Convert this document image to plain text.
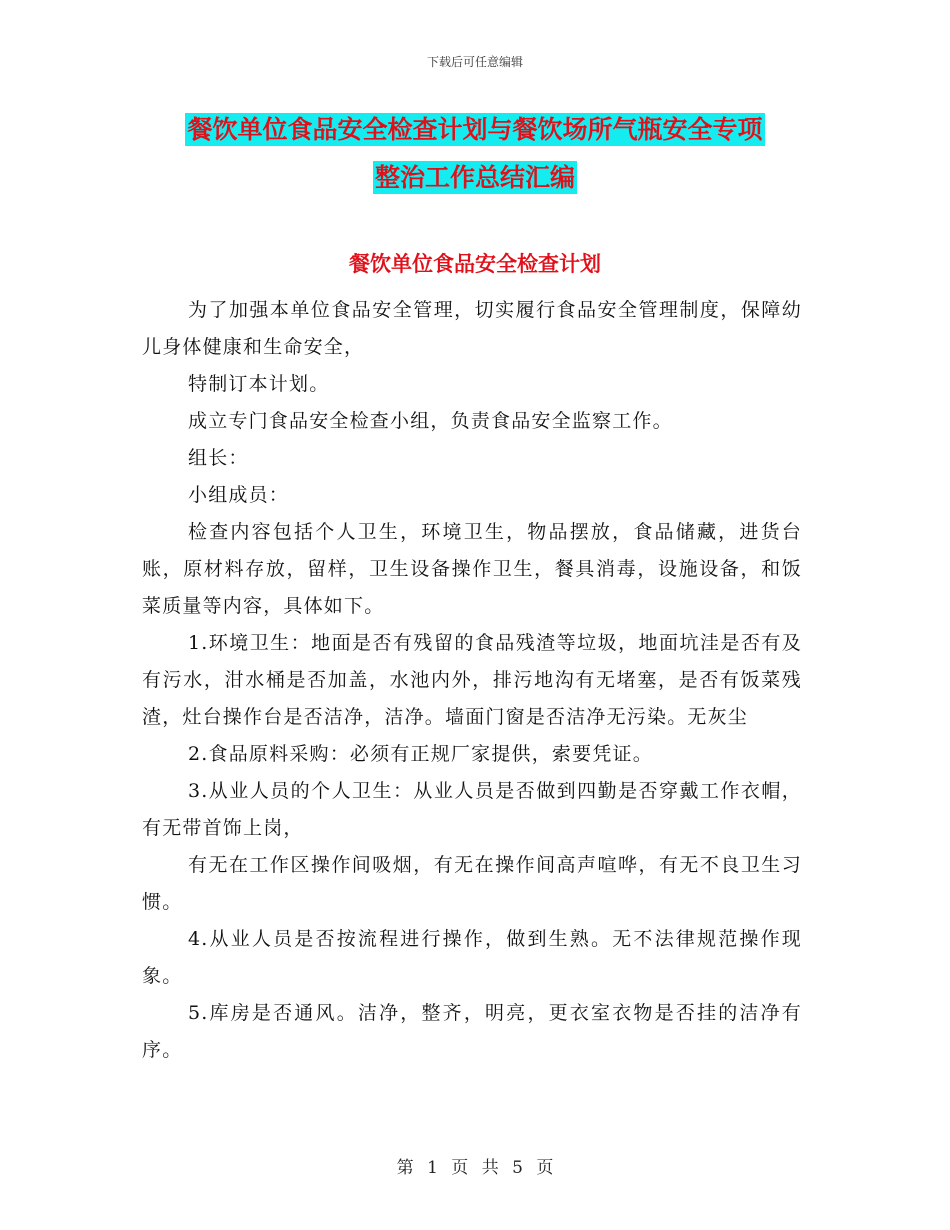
下载后可任意编辑
餐饮单位食品安全检查计划与餐饮场所气瓶安全专项
整治工作总结汇编
餐饮单位食品安全检查计划

为了加强本单位食品安全管理，切实履行食品安全管理制度，保障幼儿身体健康和生命安全，

特制订本计划。

成立专门食品安全检查小组，负责食品安全监察工作。

组长：

小组成员：

检查内容包括个人卫生，环境卫生，物品摆放，食品储藏，进货台账，原材料存放，留样，卫生设备操作卫生，餐具消毒，设施设备，和饭菜质量等内容，具体如下。

1.环境卫生：地面是否有残留的食品残渣等垃圾，地面坑洼是否有及有污水，泔水桶是否加盖，水池内外，排污地沟有无堵塞，是否有饭菜残渣，灶台操作台是否洁净，洁净。墙面门窗是否洁净无污染。无灰尘

2.食品原料采购：必须有正规厂家提供，索要凭证。

3.从业人员的个人卫生：从业人员是否做到四勤是否穿戴工作衣帽，有无带首饰上岗，

有无在工作区操作间吸烟，有无在操作间高声喧哗，有无不良卫生习惯。

4.从业人员是否按流程进行操作，做到生熟。无不法律规范操作现象。

5.库房是否通风。洁净，整齐，明亮，更衣室衣物是否挂的洁净有序。

第 1 页 共 5 页
